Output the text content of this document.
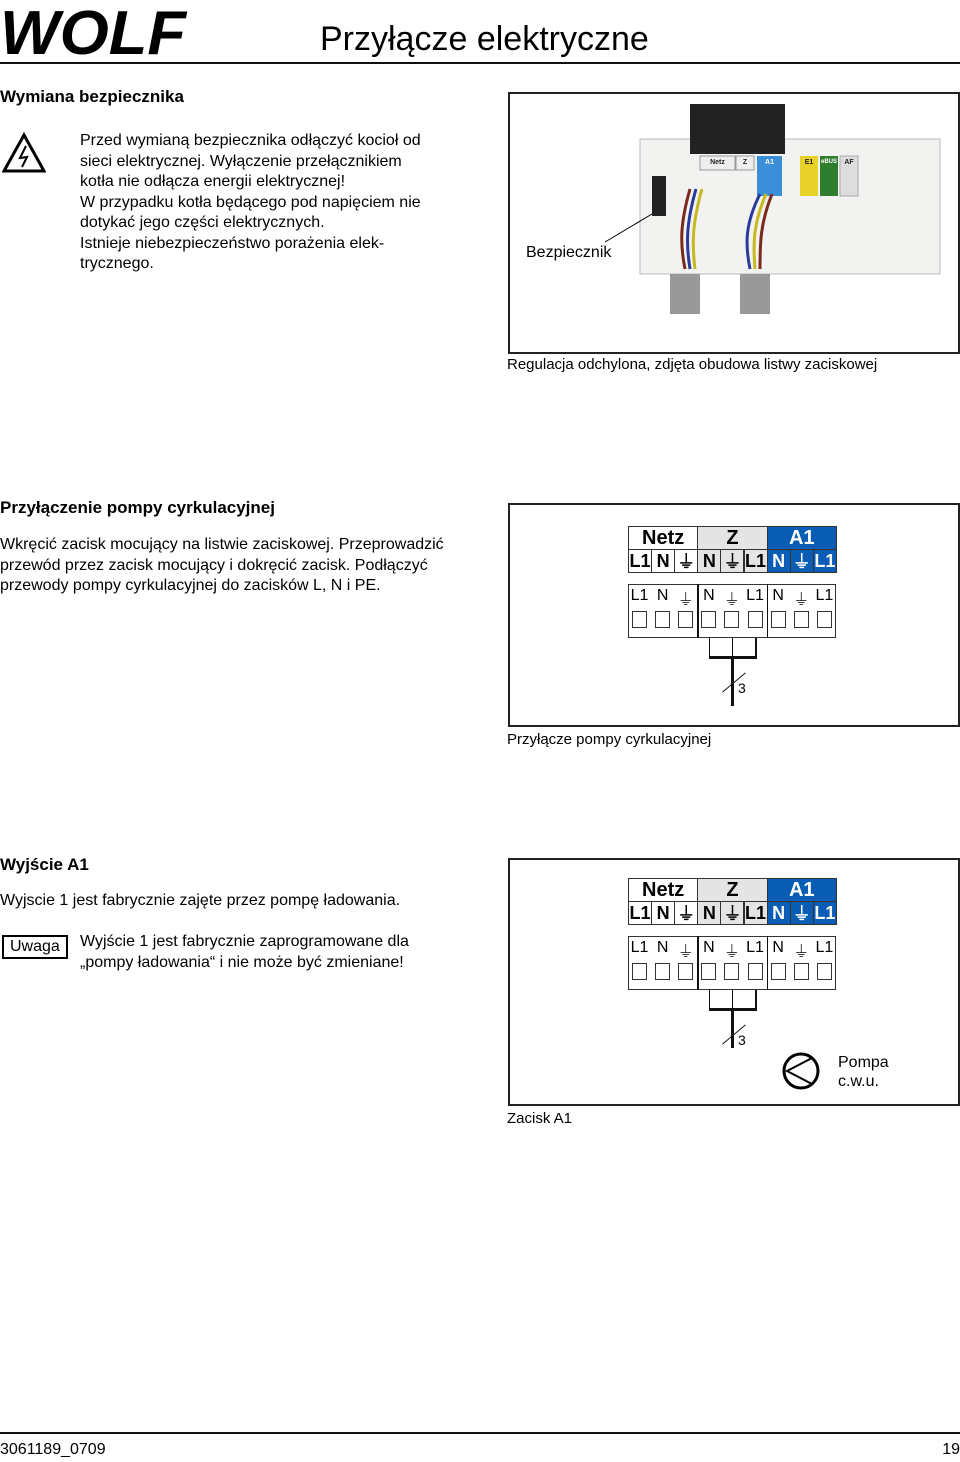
WOLF	Przyłącze elektryczne
Wymiana bezpiecznika
Przed wymianą bezpiecznika odłączyć kocioł od
sieci elektrycznej. Wyłączenie przełącznikiem
kotła nie odłącza energii elektrycznej!
W przypadku kotła będącego pod napięciem nie
dotykać jego części elektrycznych.
Istnieje niebezpieczeństwo porażenia elek-
trycznego.
Netz	Z	A1	E1	eBUS	AF
Bezpiecznik
Regulacja odchylona, zdjęta obudowa listwy zaciskowej
Przyłączenie pompy cyrkulacyjnej
Wkręcić zacisk mocujący na listwie zaciskowej. Przeprowadzić
przewód przez zacisk mocujący i dokręcić zacisk. Podłączyć
przewody pompy cyrkulacyjnej do zacisków L, N i PE.
Netz	Z	A1
L1 N ⏚ N ⏚ L1 N ⏚ L1
L1 N ⏚ N ⏚ L1 N ⏚ L1
3
Przyłącze pompy cyrkulacyjnej
Wyjście A1
Wyjscie 1 jest fabrycznie zajęte przez pompę ładowania.
Uwaga	Wyjście 1 jest fabrycznie zaprogramowane dla
„pompy ładowania“ i nie może być zmieniane!
Netz	Z	A1
L1 N ⏚ N ⏚ L1 N ⏚ L1
L1 N ⏚ N ⏚ L1 N ⏚ L1
3
Pompa
c.w.u.
Zacisk A1
3061189_0709	19
